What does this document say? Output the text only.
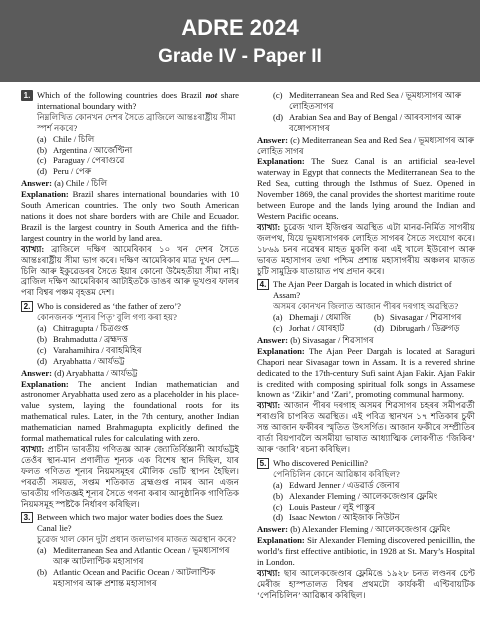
ADRE 2024
Grade IV - Paper II
1. Which of the following countries does Brazil not share international boundary with?
নিম্নলিখিত কোনখন দেশৰ সৈতে ব্ৰাজিলে আন্তঃৰাষ্ট্ৰীয় সীমা স্পৰ্শ নকৰে?
(a) Chile / চিলি
(b) Argentina / আৰ্জেণ্টিনা
(c) Paraguay / পেৰাগুৱে
(d) Peru / পেৰু
Answer: (a) Chile / চিলি
Explanation: Brazil shares international boundaries with 10 South American countries. The only two South American nations it does not share borders with are Chile and Ecuador. Brazil is the largest country in South America and the fifth-largest country in the world by land area.
ব্যাখ্যা: ব্ৰাজিলে দক্ষিণ আমেৰিকাৰ ১০ খন দেশৰ সৈতে আন্তঃৰাষ্ট্ৰীয় সীমা ভাগ কৰে। দক্ষিণ আমেৰিকাৰ মাত্ৰ দুখন দেশ—চিলি আৰু ইকুৱেডৰৰ সৈতে ইয়াৰ কোনো উমৈহতীয়া সীমা নাই। ব্ৰাজিল দক্ষিণ আমেৰিকাৰ আটাইতকৈ ডাঙৰ আৰু ভূখণ্ডৰ ফালৰ পৰা বিশ্বৰ পঞ্চম বৃহত্তম দেশ।
2. Who is considered as ‘the father of zero’?
কোনজনক ‘শূন্যৰ পিতৃ’ বুলি গণ্য কৰা হয়?
(a) Chitragupta / চিত্ৰগুপ্ত
(b) Brahmadutta / ব্ৰহ্মদত্ত
(c) Varahamihira / বৰাহমিহিৰ
(d) Aryabhatta / আৰ্যভট্ট
Answer: (d) Aryabhatta / আৰ্যভট্ট
Explanation: The ancient Indian mathematician and astronomer Aryabhatta used zero as a placeholder in his place-value system, laying the foundational roots for its mathematical rules. Later, in the 7th century, another Indian mathematician named Brahmagupta explicitly defined the formal mathematical rules for calculating with zero.
ব্যাখ্যা: প্ৰাচীন ভাৰতীয় গণিতজ্ঞ আৰু জ্যোতিৰ্বিজ্ঞানী আৰ্যভট্টই তেওঁৰ স্থান-মান প্ৰণালীত শূন্যক এক বিশেষ স্থান দিছিল, যাৰ ফলত গণিতত শূন্যৰ নিয়মসমূহৰ মৌলিক ভেটি স্থাপন হৈছিল। পৰৱৰ্তী সময়ত, সপ্তম শতিকাত ব্ৰহ্মগুপ্ত নামৰ আন এজন ভাৰতীয় গণিতজ্ঞই শূন্যৰ সৈতে গণনা কৰাৰ আনুষ্ঠানিক গাণিতিক নিয়মসমূহ স্পষ্টকৈ নিৰ্ধাৰণ কৰিছিল।
3. Between which two major water bodies does the Suez Canal lie?
চুৱেজ খাল কোন দুটা প্ৰধান জলভাগৰ মাজত অৱস্থান কৰে?
(a) Mediterranean Sea and Atlantic Ocean / ভূমধ্যসাগৰ আৰু আটলাণ্টিক মহাসাগৰ
(b) Atlantic Ocean and Pacific Ocean / আটলাণ্টিক মহাসাগৰ আৰু প্ৰশান্ত মহাসাগৰ
(c) Mediterranean Sea and Red Sea / ভূমধ্যসাগৰ আৰু লোহিতসাগৰ
(d) Arabian Sea and Bay of Bengal / আৰবসাগৰ আৰু বঙ্গোপসাগৰ
Answer: (c) Mediterranean Sea and Red Sea / ভূমধ্যসাগৰ আৰু লোহিত সাগৰ
Explanation: The Suez Canal is an artificial sea-level waterway in Egypt that connects the Mediterranean Sea to the Red Sea, cutting through the Isthmus of Suez. Opened in November 1869, the canal provides the shortest maritime route between Europe and the lands lying around the Indian and Western Pacific oceans.
ব্যাখ্যা: চুৱেজ খাল ইজিপ্তৰ অৱস্থিত এটা মানৱ-নিৰ্মিত সাগৰীয় জলপথ, যিয়ে ভূমধ্যসাগৰক লোহিত সাগৰৰ সৈতে সংযোগ কৰে। ১৮৬৯ চনৰ নৱেম্বৰ মাহত মুকলি কৰা এই খালে ইউৰোপ আৰু ভাৰত মহাসাগৰ তথা পশ্চিম প্ৰশান্ত মহাসাগৰীয় অঞ্চলৰ মাজত চুটি সামুদ্ৰিক যাতায়াত পথ প্ৰদান কৰে।
4. The Ajan Peer Dargah is located in which district of Assam?
অসমৰ কোনখন জিলাত আজান পীৰৰ দৰগাহ অৱস্থিত?
(a) Dhemaji / ধেমাজি	(b) Sivasagar / শিৱসাগৰ
(c) Jorhat / যোৰহাট	(d) Dibrugarh / ডিব্ৰুগড়
Answer: (b) Sivasagar / শিৱসাগৰ
Explanation: The Ajan Peer Dargah is located at Saraguri Chapori near Sivasagar town in Assam. It is a revered shrine dedicated to the 17th-century Sufi saint Ajan Fakir. Ajan Fakir is credited with composing spiritual folk songs in Assamese known as ‘Zikir’ and ‘Zari’, promoting communal harmony.
ব্যাখ্যা: আজান পীৰৰ দৰগাহ অসমৰ শিৱসাগৰ চহৰৰ সমীপৱৰ্তী শৰাগুৰি চাপৰিত অৱস্থিত। এই পবিত্ৰ স্থানখন ১৭ শতিকাৰ চুফী সন্ত আজান ফকীৰৰ স্মৃতিত উৎসৰ্গিত। আজান ফকীৰে সম্প্ৰীতিৰ বাৰ্তা বিয়পাবলৈ অসমীয়া ভাষাত আধ্যাত্মিক লোকগীত ‘জিকিৰ’ আৰু ‘জাৰি’ ৰচনা কৰিছিল।
5. Who discovered Penicillin?
পেনিচিলিন কোনে আৱিষ্কাৰ কৰিছিল?
(a) Edward Jenner / এডৱাৰ্ড জেনাৰ
(b) Alexander Fleming / আলেকজেণ্ডাৰ ফ্লেমিং
(c) Louis Pasteur / লুই পাস্তুৰ
(d) Isaac Newton / আইজাক নিউটন
Answer: (b) Alexander Fleming / আলেকজেণ্ডাৰ ফ্লেমিং
Explanation: Sir Alexander Fleming discovered penicillin, the world’s first effective antibiotic, in 1928 at St. Mary’s Hospital in London.
ব্যাখ্যা: ছাৰ আলেকজেণ্ডাৰ ফ্লেমিঙে ১৯২৮ চনত লণ্ডনৰ চেণ্ট মেৰীজ হাস্পতালত বিশ্বৰ প্ৰথমটো কাৰ্যকৰী এণ্টিবায়টিক ‘পেনিচিলিন’ আৱিষ্কাৰ কৰিছিল।
